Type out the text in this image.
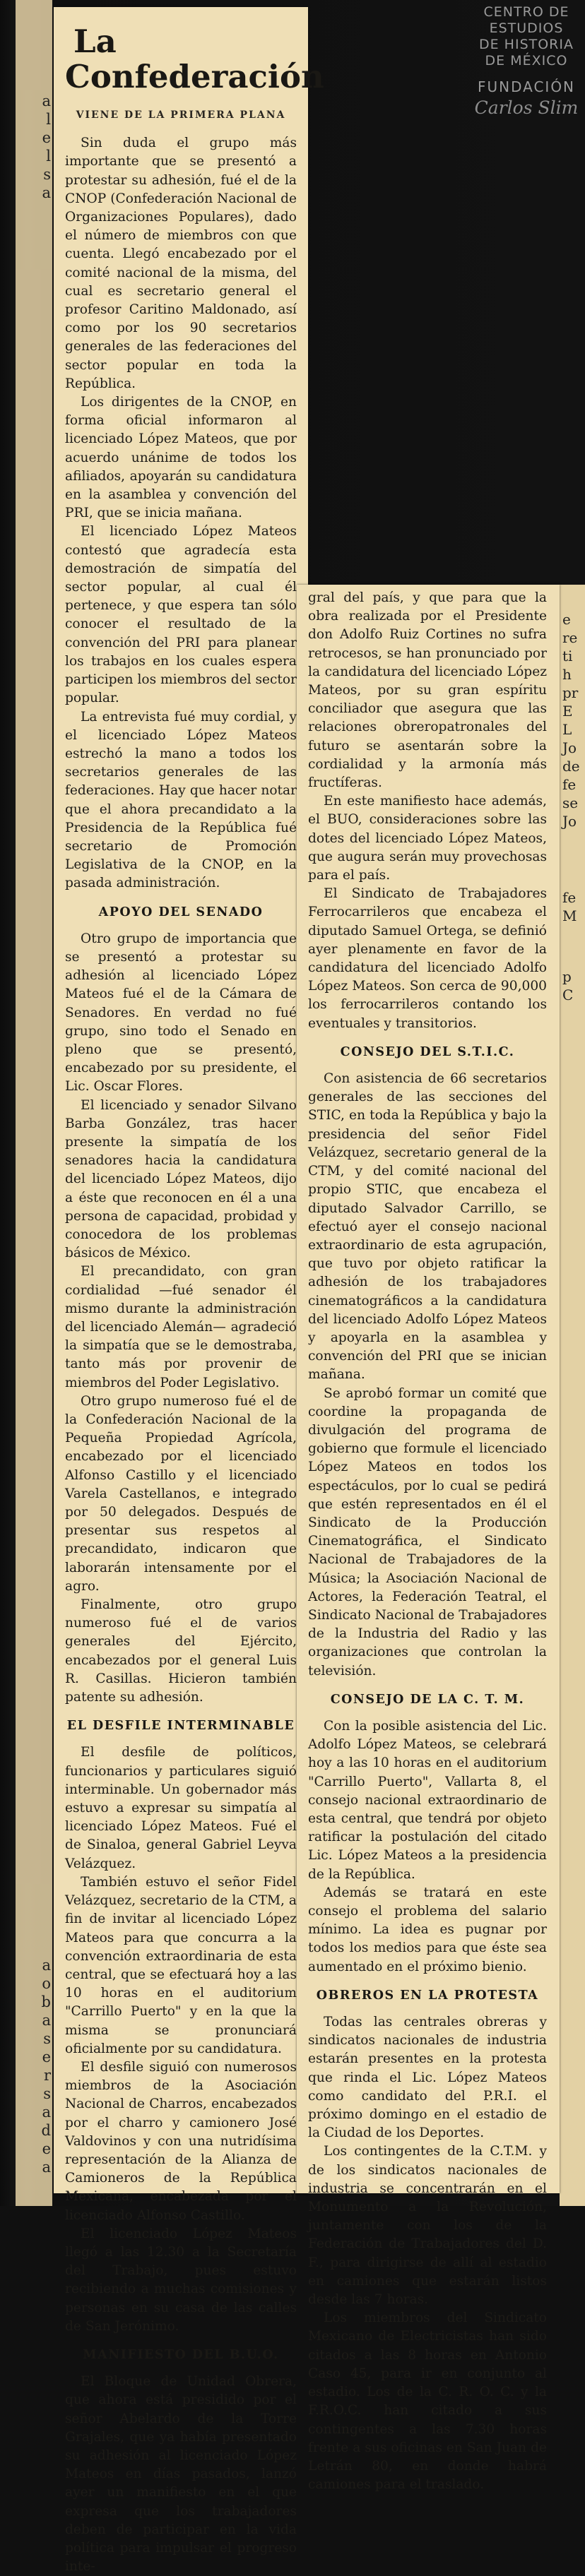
a
l
e
l
s
a
a
o
b
a
s
e
r
s
a
d
e
a
e
re
ti
h
pr
E
L
Jo
de
fe
se
Jo
fe
M
p
C
La
Confederación
VIENE DE LA PRIMERA PLANA

Sin duda el grupo más importante que se presentó a protestar su adhesión, fué el de la CNOP (Confederación Nacional de Organizaciones Populares), dado el número de miembros con que cuenta. Llegó encabezado por el comité nacional de la misma, del cual es secretario general el profesor Caritino Maldonado, así como por los 90 secretarios generales de las federaciones del sector popular en toda la República.

Los dirigentes de la CNOP, en forma oficial informaron al licenciado López Mateos, que por acuerdo unánime de todos los afiliados, apoyarán su candidatura en la asamblea y convención del PRI, que se inicia mañana.

El licenciado López Mateos contestó que agradecía esta demostración de simpatía del sector popular, al cual él pertenece, y que espera tan sólo conocer el resultado de la convención del PRI para planear los trabajos en los cuales espera participen los miembros del sector popular.

La entrevista fué muy cordial, y el licenciado López Mateos estrechó la mano a todos los secretarios generales de las federaciones. Hay que hacer notar que el ahora precandidato a la Presidencia de la República fué secretario de Promoción Legislativa de la CNOP, en la pasada administración.

APOYO DEL SENADO

Otro grupo de importancia que se presentó a protestar su adhesión al licenciado López Mateos fué el de la Cámara de Senadores. En verdad no fué grupo, sino todo el Senado en pleno que se presentó, encabezado por su presidente, el Lic. Oscar Flores.

El licenciado y senador Silvano Barba González, tras hacer presente la simpatía de los senadores hacia la candidatura del licenciado López Mateos, dijo a éste que reconocen en él a una persona de capacidad, probidad y conocedora de los problemas básicos de México.

El precandidato, con gran cordialidad —fué senador él mismo durante la administración del licenciado Alemán— agradeció la simpatía que se le demostraba, tanto más por provenir de miembros del Poder Legislativo.

Otro grupo numeroso fué el de la Confederación Nacional de la Pequeña Propiedad Agrícola, encabezado por el licenciado Alfonso Castillo y el licenciado Varela Castellanos, e integrado por 50 delegados. Después de presentar sus respetos al precandidato, indicaron que laborarán intensamente por el agro.

Finalmente, otro grupo numeroso fué el de varios generales del Ejército, encabezados por el general Luis R. Casillas. Hicieron también patente su adhesión.

EL DESFILE INTERMINABLE

El desfile de políticos, funcionarios y particulares siguió interminable. Un gobernador más estuvo a expresar su simpatía al licenciado López Mateos. Fué el de Sinaloa, general Gabriel Leyva Velázquez.

También estuvo el señor Fidel Velázquez, secretario de la CTM, a fin de invitar al licenciado López Mateos para que concurra a la convención extraordinaria de esta central, que se efectuará hoy a las 10 horas en el auditorium "Carrillo Puerto" y en la que la misma se pronunciará oficialmente por su candidatura.

El desfile siguió con numerosos miembros de la Asociación Nacional de Charros, encabezados por el charro y camionero José Valdovinos y con una nutridísima representación de la Alianza de Camioneros de la República Mexicana, encabezada por el licenciado Alfonso Castillo.

El licenciado López Mateos llegó a las 12.30 a la Secretaría del Trabajo, pues estuvo recibiendo a muchas comisiones y personas en su casa de las calles de San Jerónimo.

MANIFIESTO DEL B.U.O.

El Bloque de Unidad Obrera, que ahora está presidido por el señor Abelardo de la Torre Grajales, que ya había presentado su adhesión al licenciado López Mateos en días pasados, lanzó ayer un manifiesto en el que expresa que los trabajadores deben de participar en la vida política para impulsar el progreso inte-

gral del país, y que para que la obra realizada por el Presidente don Adolfo Ruiz Cortines no sufra retrocesos, se han pronunciado por la candidatura del licenciado López Mateos, por su gran espíritu conciliador que asegura que las relaciones obreropatronales del futuro se asentarán sobre la cordialidad y la armonía más fructíferas.

En este manifiesto hace además, el BUO, consideraciones sobre las dotes del licenciado López Mateos, que augura serán muy provechosas para el país.

El Sindicato de Trabajadores Ferrocarrileros que encabeza el diputado Samuel Ortega, se definió ayer plenamente en favor de la candidatura del licenciado Adolfo López Mateos. Son cerca de 90,000 los ferrocarrileros contando los eventuales y transitorios.

CONSEJO DEL S.T.I.C.

Con asistencia de 66 secretarios generales de las secciones del STIC, en toda la República y bajo la presidencia del señor Fidel Velázquez, secretario general de la CTM, y del comité nacional del propio STIC, que encabeza el diputado Salvador Carrillo, se efectuó ayer el consejo nacional extraordinario de esta agrupación, que tuvo por objeto ratificar la adhesión de los trabajadores cinematográficos a la candidatura del licenciado Adolfo López Mateos y apoyarla en la asamblea y convención del PRI que se inician mañana.

Se aprobó formar un comité que coordine la propaganda de divulgación del programa de gobierno que formule el licenciado López Mateos en todos los espectáculos, por lo cual se pedirá que estén representados en él el Sindicato de la Producción Cinematográfica, el Sindicato Nacional de Trabajadores de la Música; la Asociación Nacional de Actores, la Federación Teatral, el Sindicato Nacional de Trabajadores de la Industria del Radio y las organizaciones que controlan la televisión.

CONSEJO DE LA C. T. M.

Con la posible asistencia del Lic. Adolfo López Mateos, se celebrará hoy a las 10 horas en el auditorium "Carrillo Puerto", Vallarta 8, el consejo nacional extraordinario de esta central, que tendrá por objeto ratificar la postulación del citado Lic. López Mateos a la presidencia de la República.

Además se tratará en este consejo el problema del salario mínimo. La idea es pugnar por todos los medios para que éste sea aumentado en el próximo bienio.

OBREROS EN LA PROTESTA

Todas las centrales obreras y sindicatos nacionales de industria estarán presentes en la protesta que rinda el Lic. López Mateos como candidato del P.R.I. el próximo domingo en el estadio de la Ciudad de los Deportes.

Los contingentes de la C.T.M. y de los sindicatos nacionales de industria se concentrarán en el Monumento a la Revolución, juntamente con los de la Federación de Trabajadores del D. F., para dirigirse de allí al estadio en camiones que estarán listos desde las 7 horas.

Los miembros del Sindicato Mexicano de Electricistas han sido citados a las 8 horas en Antonio Caso 45, para ir en conjunto al estadio. Los de la C. R. O. C. y la F.R.O.C. han citado a sus contingentes a las 7.30 horas frente a sus oficinas en San Juan de Letrán 80, en donde habrá camiones para el traslado.

CENTRO DE
ESTUDIOS
DE HISTORIA
DE MÉXICO
FUNDACIÓN
Carlos Slim
